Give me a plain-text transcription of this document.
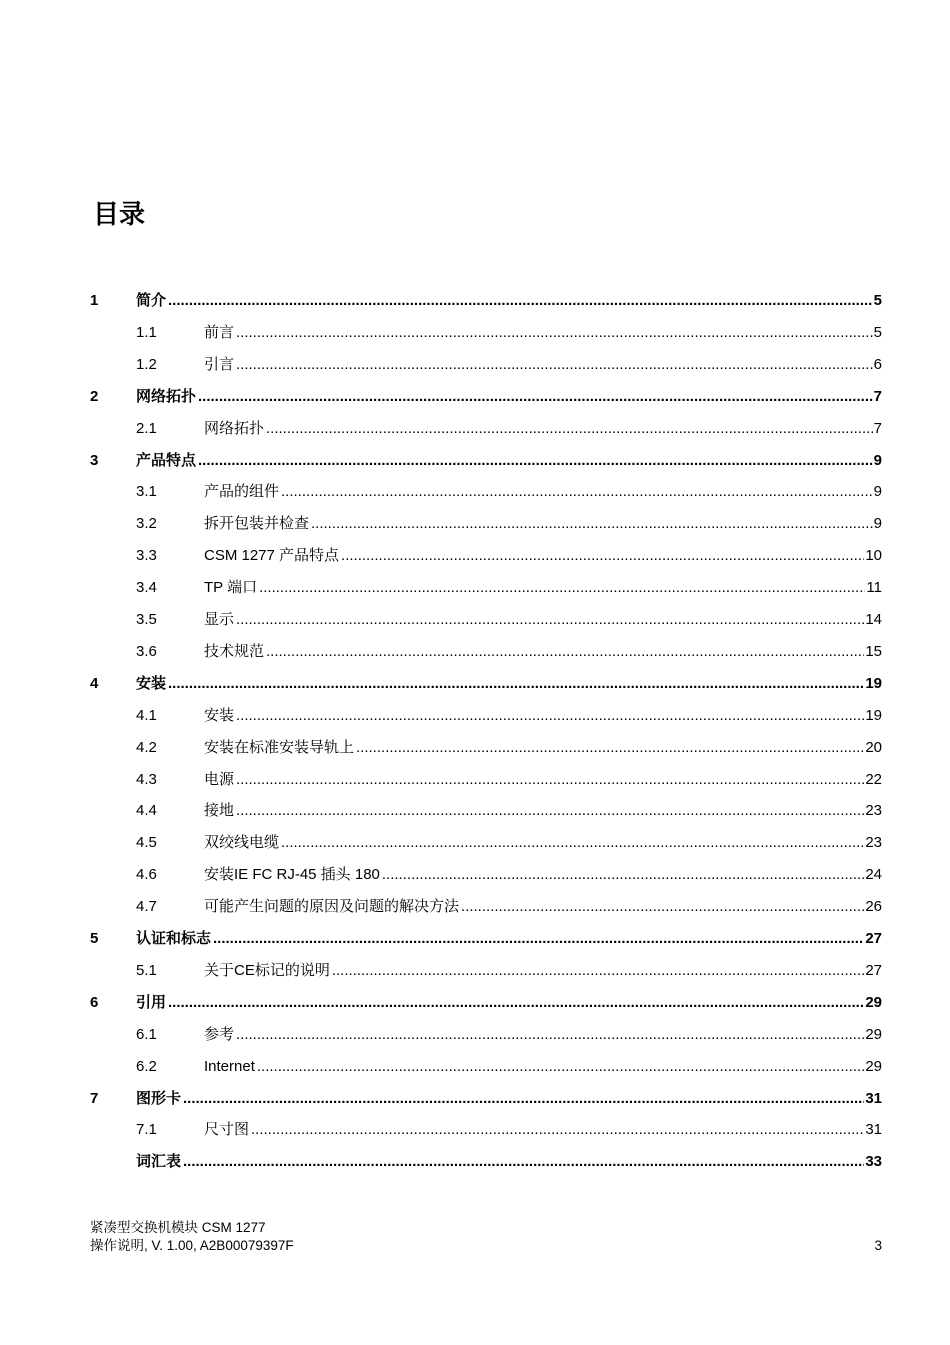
目录
1	简介 .....	5
1.1	前言 .....	5
1.2	引言 .....	6
2	网络拓扑 .....	7
2.1	网络拓扑 .....	7
3	产品特点 .....	9
3.1	产品的组件 .....	9
3.2	拆开包装并检查 .....	9
3.3	CSM 1277 产品特点 .....	10
3.4	TP 端口 .....	11
3.5	显示 .....	14
3.6	技术规范 .....	15
4	安装 .....	19
4.1	安装 .....	19
4.2	安装在标准安装导轨上 .....	20
4.3	电源 .....	22
4.4	接地 .....	23
4.5	双绞线电缆 .....	23
4.6	安装IE FC RJ-45 插头 180 .....	24
4.7	可能产生问题的原因及问题的解决方法 .....	26
5	认证和标志 .....	27
5.1	关于CE标记的说明 .....	27
6	引用 .....	29
6.1	参考 .....	29
6.2	Internet .....	29
7	图形卡 .....	31
7.1	尺寸图 .....	31
词汇表 .....	33
紧凑型交换机模块 CSM 1277
操作说明, V. 1.00, A2B00079397F	3
